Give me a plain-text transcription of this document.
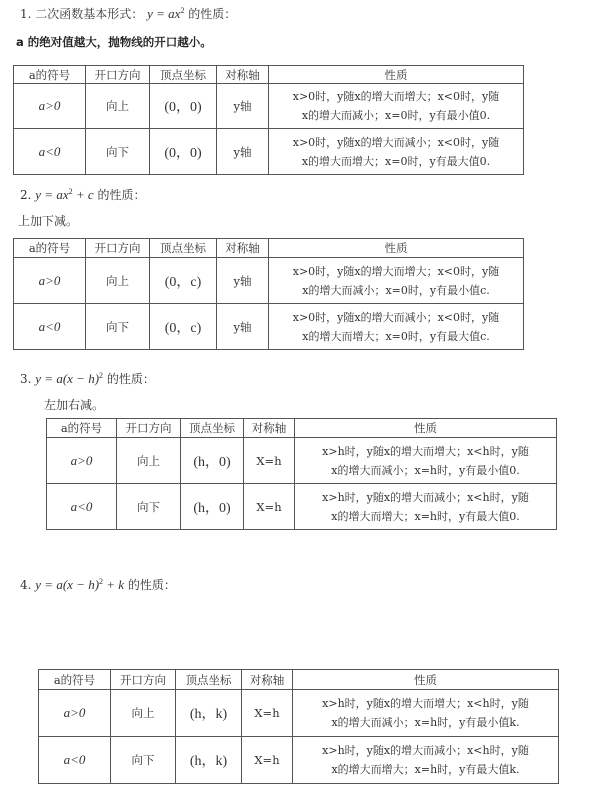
1. 二次函数基本形式： $y = ax^2$ 的性质：
a 的绝对值越大，抛物线的开口越小。
a的符号	开口方向	顶点坐标	对称轴	性质
a>0	向上	(0，0)	y轴	x>0时，y随x的增大而增大；x<0时，y随
x的增大而减小；x=0时，y有最小值0.

a<0	向下	(0，0)	y轴	x>0时，y随x的增大而减小；x<0时，y随
x的增大而增大；x=0时，y有最大值0.
2. $y = ax^2 + c$ 的性质：
上加下减。
a的符号	开口方向	顶点坐标	对称轴	性质
a>0	向上	(0，c)	y轴	x>0时，y随x的增大而增大；x<0时，y随
x的增大而减小；x=0时，y有最小值c.

a<0	向下	(0，c)	y轴	x>0时，y随x的增大而减小；x<0时，y随
x的增大而增大；x=0时，y有最大值c.
3. $y = a(x - h)^2$ 的性质：
左加右减。
a的符号	开口方向	顶点坐标	对称轴	性质
a>0	向上	(h，0)	X=h	x>h时，y随x的增大而增大；x<h时，y随
x的增大而减小；x=h时，y有最小值0.

a<0	向下	(h，0)	X=h	x>h时，y随x的增大而减小；x<h时，y随
x的增大而增大；x=h时，y有最大值0.
4. $y = a(x - h)^2 + k$ 的性质：
a的符号	开口方向	顶点坐标	对称轴	性质
a>0	向上	(h，k)	X=h	x>h时，y随x的增大而增大；x<h时，y随
x的增大而减小；x=h时，y有最小值k.

a<0	向下	(h，k)	X=h	x>h时，y随x的增大而减小；x<h时，y随
x的增大而增大；x=h时，y有最大值k.
